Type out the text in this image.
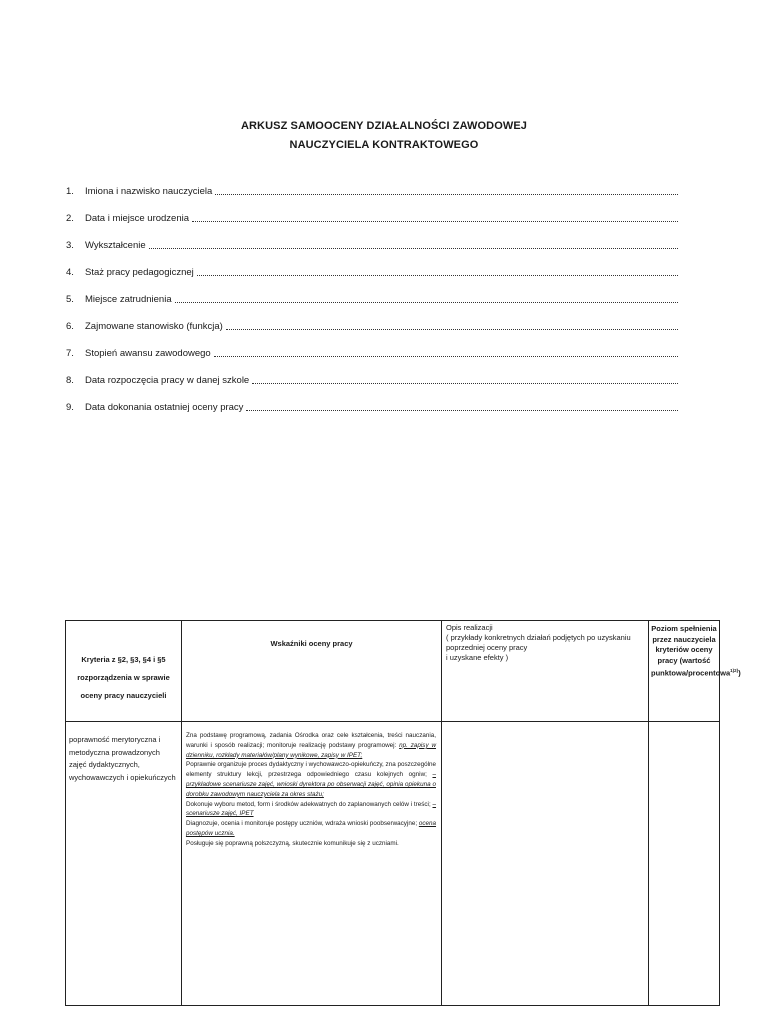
ARKUSZ SAMOOCENY DZIAŁALNOŚCI ZAWODOWEJ
NAUCZYCIELA KONTRAKTOWEGO
1.	Imiona i nazwisko nauczyciela
2.	Data i miejsce urodzenia
3.	Wykształcenie
4.	Staż pracy pedagogicznej
5.	Miejsce zatrudnienia
6.	Zajmowane stanowisko (funkcja)
7.	Stopień awansu zawodowego
8.	Data rozpoczęcia pracy w danej szkole
9.	Data dokonania ostatniej oceny pracy
Kryteria z §2, §3, §4 i §5 rozporządzenia w sprawie oceny pracy nauczycieli	Wskaźniki oceny pracy	Opis realizacji
( przykłady konkretnych działań podjętych po uzyskaniu poprzedniej oceny pracy
i uzyskane efekty )	Poziom spełnienia przez nauczyciela kryteriów oceny pracy (wartość punktowa/procentowa$^{1)2)}$)
poprawność merytoryczna i metodyczna prowadzonych zajęć dydaktycznych, wychowawczych i opiekuńczych	Zna podstawę programową, zadania Ośrodka oraz cele kształcenia, treści nauczania, warunki i sposób realizacji; monitoruje realizację podstawy programowej: np. zapisy w dzienniku, rozkłady materiałów/plany wynikowe, zapisy w IPET;
Poprawnie organizuje proces dydaktyczny i wychowawczo-opiekuńczy, zna poszczególne elementy struktury lekcji, przestrzega odpowiedniego czasu kolejnych ogniw; – przykładowe scenariusze zajęć, wnioski dyrektora po obserwacji zajęć, opinia opiekuna o dorobku zawodowym nauczyciela za okres stażu;
Dokonuje wyboru metod, form i środków adekwatnych do zaplanowanych celów i treści; – scenariusze zajęć, IPET
Diagnozuje, ocenia i monitoruje postępy uczniów, wdraża wnioski poobserwacyjne; ocena postępów ucznia.
Posługuje się poprawną polszczyzną, skutecznie komunikuje się z uczniami.		
